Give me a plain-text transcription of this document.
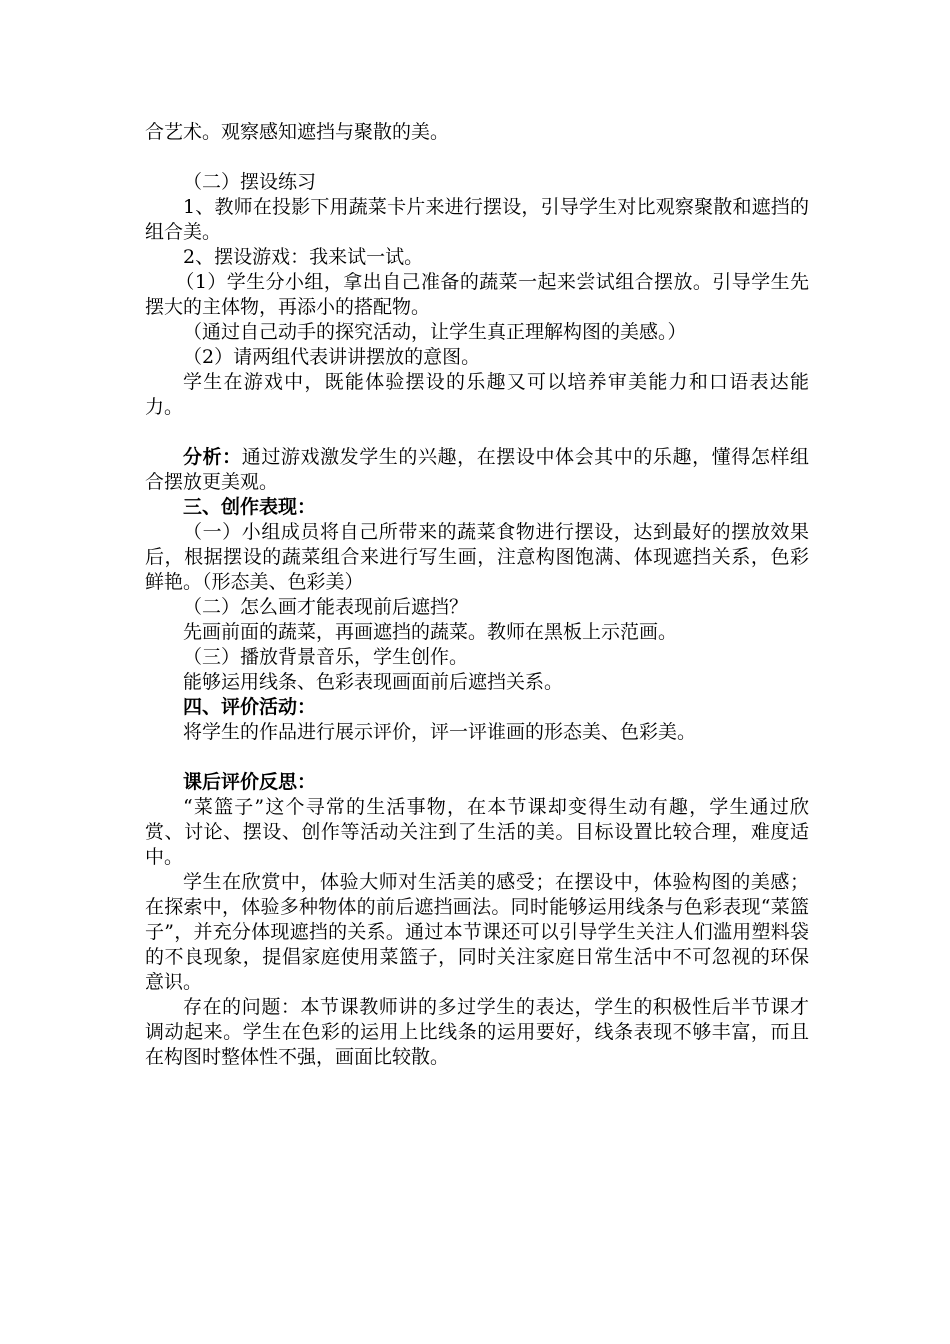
合艺术。观察感知遮挡与聚散的美。

（二）摆设练习

1、教师在投影下用蔬菜卡片来进行摆设，引导学生对比观察聚散和遮挡的组合美。

2、摆设游戏：我来试一试。

（1）学生分小组，拿出自己准备的蔬菜一起来尝试组合摆放。引导学生先摆大的主体物，再添小的搭配物。

（通过自己动手的探究活动，让学生真正理解构图的美感。）

（2）请两组代表讲讲摆放的意图。

学生在游戏中，既能体验摆设的乐趣又可以培养审美能力和口语表达能力。

分析：通过游戏激发学生的兴趣，在摆设中体会其中的乐趣，懂得怎样组合摆放更美观。

三、创作表现：

（一）小组成员将自己所带来的蔬菜食物进行摆设，达到最好的摆放效果后，根据摆设的蔬菜组合来进行写生画，注意构图饱满、体现遮挡关系，色彩鲜艳。（形态美、色彩美）

（二）怎么画才能表现前后遮挡？

先画前面的蔬菜，再画遮挡的蔬菜。教师在黑板上示范画。

（三）播放背景音乐，学生创作。

能够运用线条、色彩表现画面前后遮挡关系。

四、评价活动：

将学生的作品进行展示评价，评一评谁画的形态美、色彩美。

课后评价反思：

“菜篮子”这个寻常的生活事物，在本节课却变得生动有趣，学生通过欣赏、讨论、摆设、创作等活动关注到了生活的美。目标设置比较合理，难度适中。

学生在欣赏中，体验大师对生活美的感受；在摆设中，体验构图的美感；在探索中，体验多种物体的前后遮挡画法。同时能够运用线条与色彩表现“菜篮子”，并充分体现遮挡的关系。通过本节课还可以引导学生关注人们滥用塑料袋的不良现象，提倡家庭使用菜篮子，同时关注家庭日常生活中不可忽视的环保意识。

存在的问题：本节课教师讲的多过学生的表达，学生的积极性后半节课才调动起来。学生在色彩的运用上比线条的运用要好，线条表现不够丰富，而且在构图时整体性不强，画面比较散。
